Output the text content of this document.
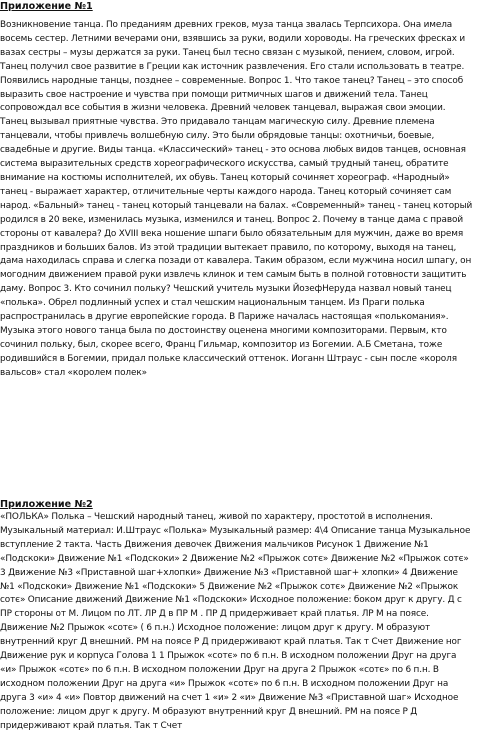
Приложение №1

Возникновение танца. По преданиям древних греков, муза танца звалась Терпсихора. Она имела восемь сестер. Летними вечерами они, взявшись за руки, водили хороводы. На греческих фресках и вазах сестры – музы держатся за руки. Танец был тесно связан с музыкой, пением, словом, игрой. Танец получил свое развитие в Греции как источник развлечения. Его стали использовать в театре. Появились народные танцы, позднее – современные. Вопрос 1. Что такое танец? Танец – это способ выразить свое настроение и чувства при помощи ритмичных шагов и движений тела. Танец сопровождал все события в жизни человека. Древний человек танцевал, выражая свои эмоции. Танец вызывал приятные чувства. Это придавало танцам магическую силу. Древние племена танцевали, чтобы привлечь волшебную силу. Это были обрядовые танцы: охотничьи, боевые, свадебные и другие. Виды танца. «Классический» танец - это основа любых видов танцев, основная система выразительных средств хореографического искусства, самый трудный танец, обратите внимание на костюмы исполнителей, их обувь. Танец который сочиняет хореограф. «Народный» танец - выражает характер, отличительные черты каждого народа. Танец который сочиняет сам народ. «Бальный» танец - танец который танцевали на балах. «Современный» танец - танец который родился в 20 веке, изменилась музыка, изменился и танец. Вопрос 2. Почему в танце дама с правой стороны от кавалера? До XVIII века ношение шпаги было обязательным для мужчин, даже во время праздников и больших балов. Из этой традиции вытекает правило, по которому, выходя на танец, дама находилась справа и слегка позади от кавалера. Таким образом, если мужчина носил шпагу, он могодним движением правой руки извлечь клинок и тем самым быть в полной готовности защитить даму. Вопрос 3. Кто сочинил польку? Чешский учитель музыки ЙозефНеруда назвал новый танец «полька». Обрел подлинный успех и стал чешским национальным танцем. Из Праги полька распространилась в другие европейские города. В Париже началась настоящая «полькомания». Музыка этого нового танца была по достоинству оценена многими композиторами. Первым, кто сочинил польку, был, скорее всего, Франц Гильмар, композитор из Богемии. А.Б Сметана, тоже родившийся в Богемии, придал польке классический оттенок. Иоганн Штраус - сын после «короля вальсов» стал «королем полек»

Приложение №2

«ПОЛЬКА» Полька – Чешский народный танец, живой по характеру, простотой в исполнения. Музыкальный материал: И.Штраус «Полька» Музыкальный размер: 4\4 Описание танца Музыкальное вступление 2 такта. Часть Движения девочек Движения мальчиков Рисунок 1 Движение №1 «Подскоки» Движение №1 «Подскоки» 2 Движение №2 «Прыжок сотє» Движение №2 «Прыжок сотє» 3 Движение №3 «Приставной шаг+хлопки» Движение №3 «Приставной шаг+ хлопки» 4 Движение №1 «Подскоки» Движение №1 «Подскоки» 5 Движение №2 «Прыжок сотє» Движение №2 «Прыжок сотє» Описание движений Движение №1 «Подскоки» Исходное положение: боком друг к другу. Д с ПР стороны от М. Лицом по ЛТ. ЛР Д в ПР М . ПР Д придерживает край платья. ЛР М на поясе. Движение №2 Прыжок «сотє» ( 6 п.н.) Исходное положение: лицом друг к другу. М образуют внутренний круг Д внешний. РМ на поясе Р Д придерживают край платья. Так т Счет Движение ног Движение рук и корпуса Голова 1 1 Прыжок «сотє» по 6 п.н. В исходном положении Друг на друга «и» Прыжок «сотє» по 6 п.н. В исходном положении Друг на друга 2 Прыжок «сотє» по 6 п.н. В исходном положении Друг на друга «и» Прыжок «сотє» по 6 п.н. В исходном положении Друг на друга 3 «и» 4 «и» Повтор движений на счет 1 «и» 2 «и» Движение №3 «Приставной шаг» Исходное положение: лицом друг к другу. М образуют внутренний круг Д внешний. РМ на поясе Р Д придерживают край платья. Так т Счет
